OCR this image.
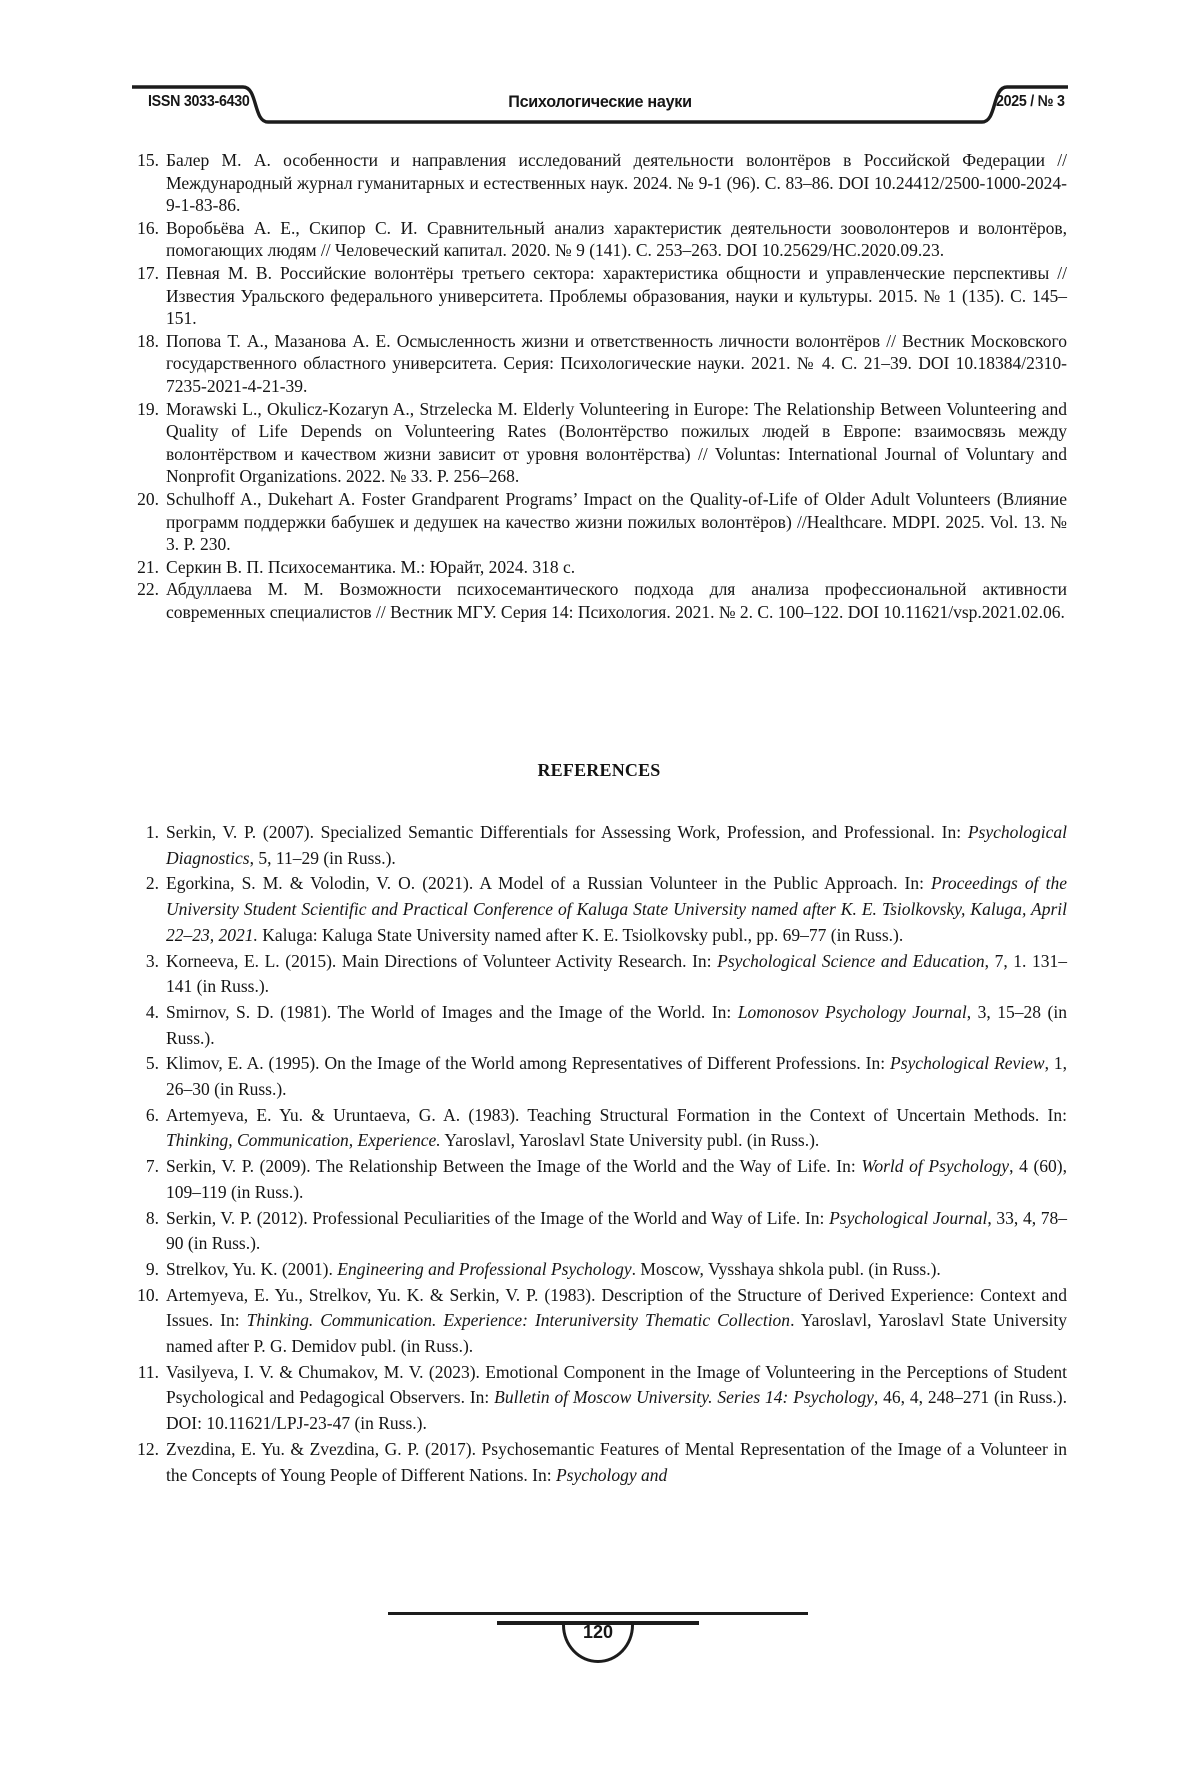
ISSN 3033-6430	Психологические науки	2025 / № 3
15. Балер М. А. особенности и направления исследований деятельности волонтёров в Российской Федерации // Международный журнал гуманитарных и естественных наук. 2024. № 9-1 (96). С. 83–86. DOI 10.24412/2500-1000-2024-9-1-83-86.
16. Воробьёва А. Е., Скипор С. И. Сравнительный анализ характеристик деятельности зооволонтеров и волонтёров, помогающих людям // Человеческий капитал. 2020. № 9 (141). С. 253–263. DOI 10.25629/HC.2020.09.23.
17. Певная М. В. Российские волонтёры третьего сектора: характеристика общности и управленческие перспективы // Известия Уральского федерального университета. Проблемы образования, науки и культуры. 2015. № 1 (135). С. 145–151.
18. Попова Т. А., Мазанова А. Е. Осмысленность жизни и ответственность личности волонтёров // Вестник Московского государственного областного университета. Серия: Психологические науки. 2021. № 4. С. 21–39. DOI 10.18384/2310-7235-2021-4-21-39.
19. Morawski L., Okulicz-Kozaryn A., Strzelecka M. Elderly Volunteering in Europe: The Relationship Between Volunteering and Quality of Life Depends on Volunteering Rates (Волонтёрство пожилых людей в Европе: взаимосвязь между волонтёрством и качеством жизни зависит от уровня волонтёрства) // Voluntas: International Journal of Voluntary and Nonprofit Organizations. 2022. № 33. P. 256–268.
20. Schulhoff A., Dukehart A. Foster Grandparent Programs’ Impact on the Quality-of-Life of Older Adult Volunteers (Влияние программ поддержки бабушек и дедушек на качество жизни пожилых волонтёров) //Healthcare. MDPI. 2025. Vol. 13. № 3. P. 230.
21. Серкин В. П. Психосемантика. М.: Юрайт, 2024. 318 с.
22. Абдуллаева М. М. Возможности психосемантического подхода для анализа профессиональной активности современных специалистов // Вестник МГУ. Серия 14: Психология. 2021. № 2. С. 100–122. DOI 10.11621/vsp.2021.02.06.
REFERENCES
1. Serkin, V. P. (2007). Specialized Semantic Differentials for Assessing Work, Profession, and Professional. In: Psychological Diagnostics, 5, 11–29 (in Russ.).
2. Egorkina, S. M. & Volodin, V. O. (2021). A Model of a Russian Volunteer in the Public Approach. In: Proceedings of the University Student Scientific and Practical Conference of Kaluga State University named after K. E. Tsiolkovsky, Kaluga, April 22–23, 2021. Kaluga: Kaluga State University named after K. E. Tsiolkovsky publ., pp. 69–77 (in Russ.).
3. Korneeva, E. L. (2015). Main Directions of Volunteer Activity Research. In: Psychological Science and Education, 7, 1. 131–141 (in Russ.).
4. Smirnov, S. D. (1981). The World of Images and the Image of the World. In: Lomonosov Psychology Journal, 3, 15–28 (in Russ.).
5. Klimov, E. A. (1995). On the Image of the World among Representatives of Different Professions. In: Psychological Review, 1, 26–30 (in Russ.).
6. Artemyeva, E. Yu. & Uruntaeva, G. A. (1983). Teaching Structural Formation in the Context of Uncertain Methods. In: Thinking, Communication, Experience. Yaroslavl, Yaroslavl State University publ. (in Russ.).
7. Serkin, V. P. (2009). The Relationship Between the Image of the World and the Way of Life. In: World of Psychology, 4 (60), 109–119 (in Russ.).
8. Serkin, V. P. (2012). Professional Peculiarities of the Image of the World and Way of Life. In: Psychological Journal, 33, 4, 78–90 (in Russ.).
9. Strelkov, Yu. K. (2001). Engineering and Professional Psychology. Moscow, Vysshaya shkola publ. (in Russ.).
10. Artemyeva, E. Yu., Strelkov, Yu. K. & Serkin, V. P. (1983). Description of the Structure of Derived Experience: Context and Issues. In: Thinking. Communication. Experience: Interuniversity Thematic Collection. Yaroslavl, Yaroslavl State University named after P. G. Demidov publ. (in Russ.).
11. Vasilyeva, I. V. & Chumakov, M. V. (2023). Emotional Component in the Image of Volunteering in the Perceptions of Student Psychological and Pedagogical Observers. In: Bulletin of Moscow University. Series 14: Psychology, 46, 4, 248–271 (in Russ.). DOI: 10.11621/LPJ-23-47 (in Russ.).
12. Zvezdina, E. Yu. & Zvezdina, G. P. (2017). Psychosemantic Features of Mental Representation of the Image of a Volunteer in the Concepts of Young People of Different Nations. In: Psychology and
120
